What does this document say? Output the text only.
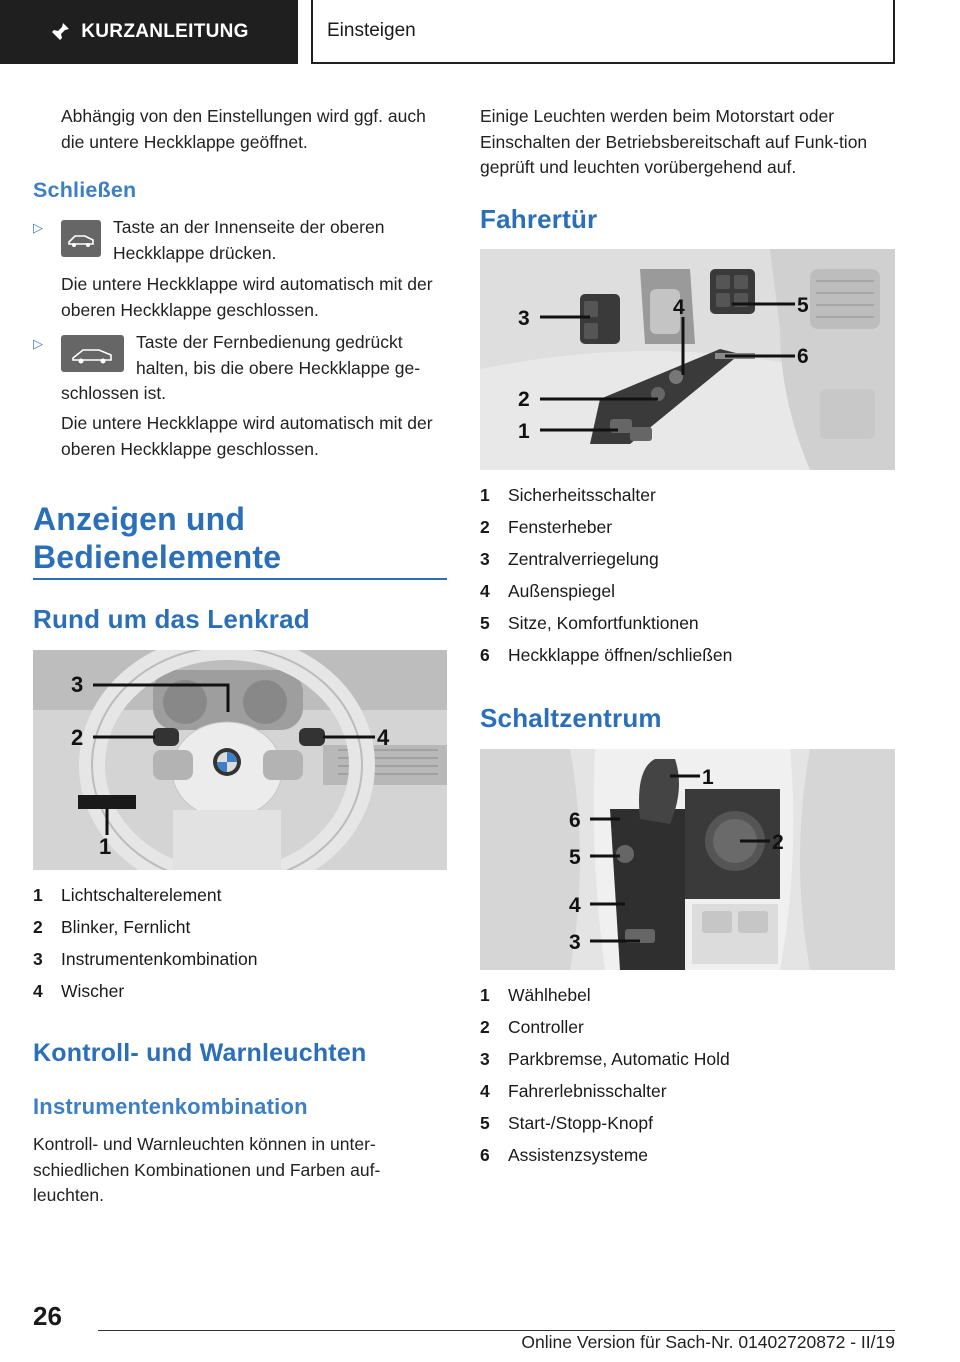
KURZANLEITUNG	Einsteigen

Abhängig von den Einstellungen wird ggf. auch die untere Heckklappe geöffnet.

Schließen
▷	Taste an der Innenseite der oberen Heckklappe drücken.

Die untere Heckklappe wird automatisch mit der oberen Heckklappe geschlossen.

▷	Taste der Fernbedienung gedrückt halten, bis die obere Heckklappe ge-

schlossen ist.

Die untere Heckklappe wird automatisch mit der oberen Heckklappe geschlossen.

Anzeigen und
Bedienelemente
Rund um das Lenkrad
3
2	4
1
1	Lichtschalterelement
2	Blinker, Fernlicht
3	Instrumentenkombination
4	Wischer
Kontroll- und Warnleuchten
Instrumentenkombination

Kontroll- und Warnleuchten können in unter-schiedlichen Kombinationen und Farben auf-leuchten.

Einige Leuchten werden beim Motorstart oder Einschalten der Betriebsbereitschaft auf Funk-tion geprüft und leuchten vorübergehend auf.

Fahrertür
3	4	5
6
2
1
1	Sicherheitsschalter
2	Fensterheber
3	Zentralverriegelung
4	Außenspiegel
5	Sitze, Komfortfunktionen
6	Heckklappe öffnen/schließen
Schaltzentrum
1
6
2
5
4
3
1	Wählhebel
2	Controller
3	Parkbremse, Automatic Hold
4	Fahrerlebnisschalter
5	Start-/Stopp-Knopf
6	Assistenzsysteme
26
Online Version für Sach-Nr. 01402720872 - II/19
